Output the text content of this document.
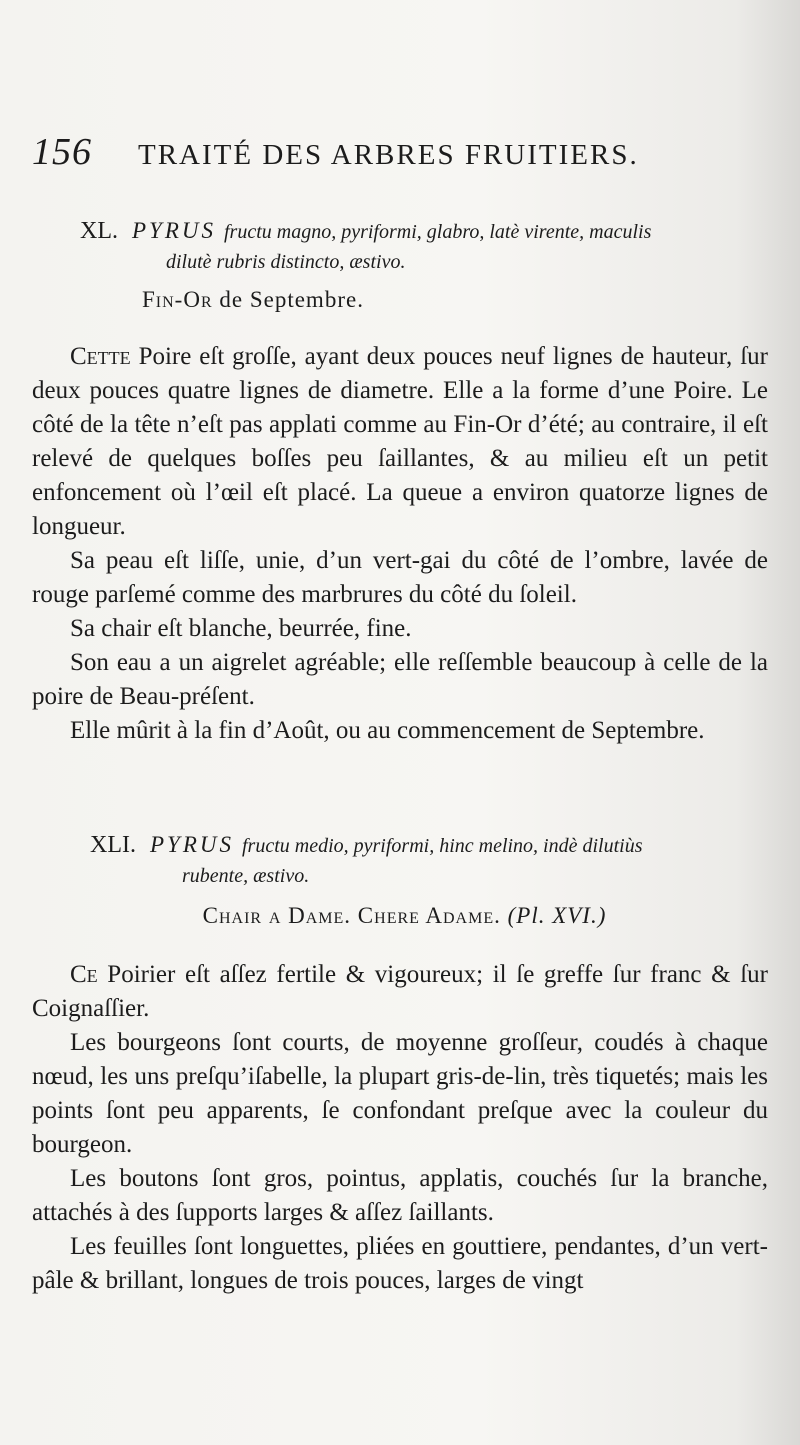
156 TRAITÉ DES ARBRES FRUITIERS.
XL. PYRUS fructu magno, pyriformi, glabro, latè virente, maculis
dilutè rubris distincto, æstivo.
Fin-Or de Septembre.

Cette Poire eſt groſſe, ayant deux pouces neuf lignes de hauteur, ſur deux pouces quatre lignes de diametre. Elle a la forme d’une Poire. Le côté de la tête n’eſt pas applati comme au Fin-Or d’été; au contraire, il eſt relevé de quelques boſſes peu ſaillantes, & au milieu eſt un petit enfoncement où l’œil eſt placé. La queue a environ quatorze lignes de longueur.

Sa peau eſt liſſe, unie, d’un vert-gai du côté de l’ombre, lavée de rouge parſemé comme des marbrures du côté du ſoleil.

Sa chair eſt blanche, beurrée, fine.

Son eau a un aigrelet agréable; elle reſſemble beaucoup à celle de la poire de Beau-préſent.

Elle mûrit à la fin d’Août, ou au commencement de Septembre.

XLI. PYRUS fructu medio, pyriformi, hinc melino, indè dilutiùs
rubente, æstivo.
Chair a Dame. Chere Adame. (Pl. XVI.)

Ce Poirier eſt aſſez fertile & vigoureux; il ſe greffe ſur franc & ſur Coignaſſier.

Les bourgeons ſont courts, de moyenne groſſeur, coudés à chaque nœud, les uns preſqu’iſabelle, la plupart gris-de-lin, très tiquetés; mais les points ſont peu apparents, ſe confondant preſque avec la couleur du bourgeon.

Les boutons ſont gros, pointus, applatis, couchés ſur la branche, attachés à des ſupports larges & aſſez ſaillants.

Les feuilles ſont longuettes, pliées en gouttiere, pendantes, d’un vert-pâle & brillant, longues de trois pouces, larges de vingt
